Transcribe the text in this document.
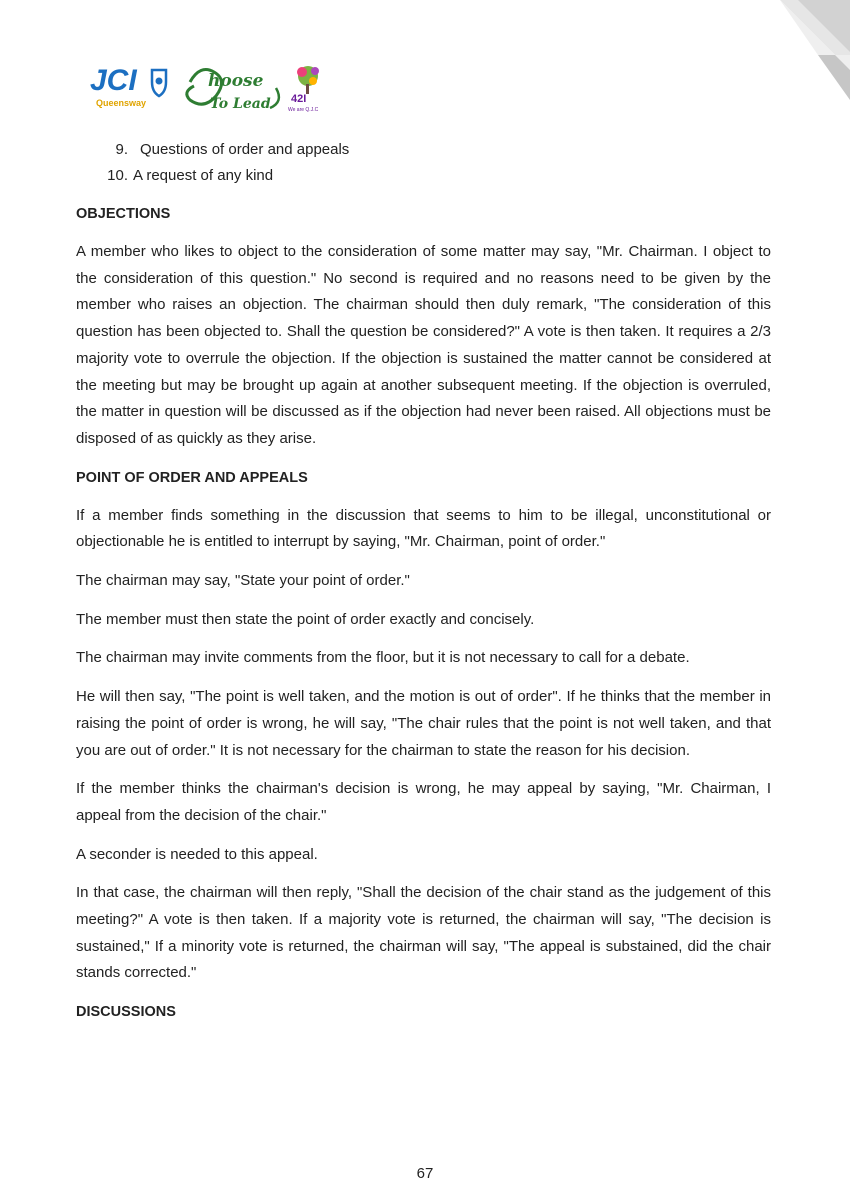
JCI
Queensway
hoose
To Lead 42I
We are Q.J.C
9. Questions of order and appeals
10. A request of any kind
OBJECTIONS

A member who likes to object to the consideration of some matter may say, "Mr. Chairman. I object to the consideration of this question." No second is required and no reasons need to be given by the member who raises an objection. The chairman should then duly remark, "The consideration of this question has been objected to. Shall the question be considered?" A vote is then taken. It requires a 2/3 majority vote to overrule the objection. If the objection is sustained the matter cannot be considered at the meeting but may be brought up again at another subsequent meeting. If the objection is overruled, the matter in question will be discussed as if the objection had never been raised. All objections must be disposed of as quickly as they arise.

POINT OF ORDER AND APPEALS

If a member finds something in the discussion that seems to him to be illegal, unconstitutional or objectionable he is entitled to interrupt by saying, "Mr. Chairman, point of order."

The chairman may say, "State your point of order."

The member must then state the point of order exactly and concisely.

The chairman may invite comments from the floor, but it is not necessary to call for a debate.

He will then say, "The point is well taken, and the motion is out of order". If he thinks that the member in raising the point of order is wrong, he will say, "The chair rules that the point is not well taken, and that you are out of order." It is not necessary for the chairman to state the reason for his decision.

If the member thinks the chairman's decision is wrong, he may appeal by saying, "Mr. Chairman, I appeal from the decision of the chair."

A seconder is needed to this appeal.

In that case, the chairman will then reply, "Shall the decision of the chair stand as the judgement of this meeting?" A vote is then taken. If a majority vote is returned, the chairman will say, "The decision is sustained," If a minority vote is returned, the chairman will say, "The appeal is substained, did the chair stands corrected."

DISCUSSIONS
67
